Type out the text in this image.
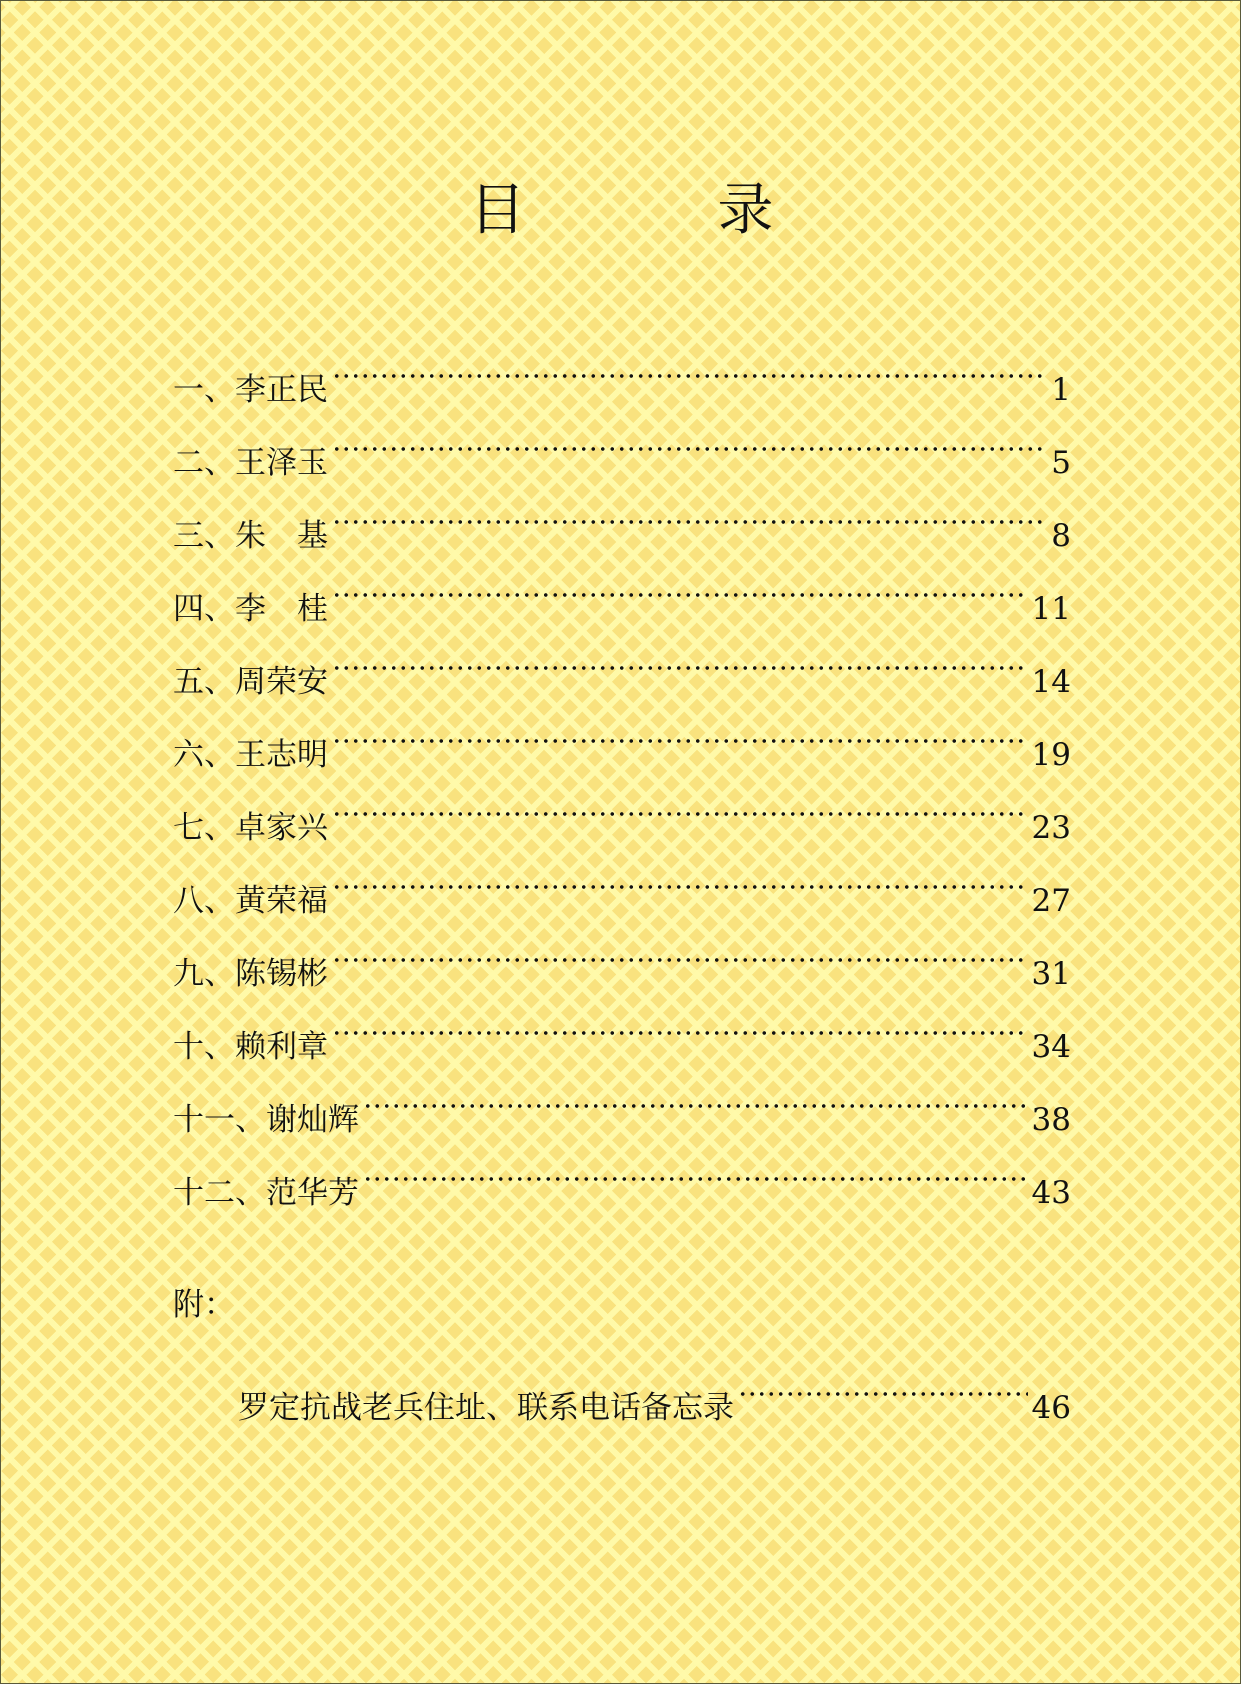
目　录
一、李正民	1
二、王泽玉	5
三、朱　基	8
四、李　桂	11
五、周荣安	14
六、王志明	19
七、卓家兴	23
八、黄荣福	27
九、陈锡彬	31
十、赖利章	34
十一、谢灿辉	38
十二、范华芳	43
附：
罗定抗战老兵住址、联系电话备忘录	46
